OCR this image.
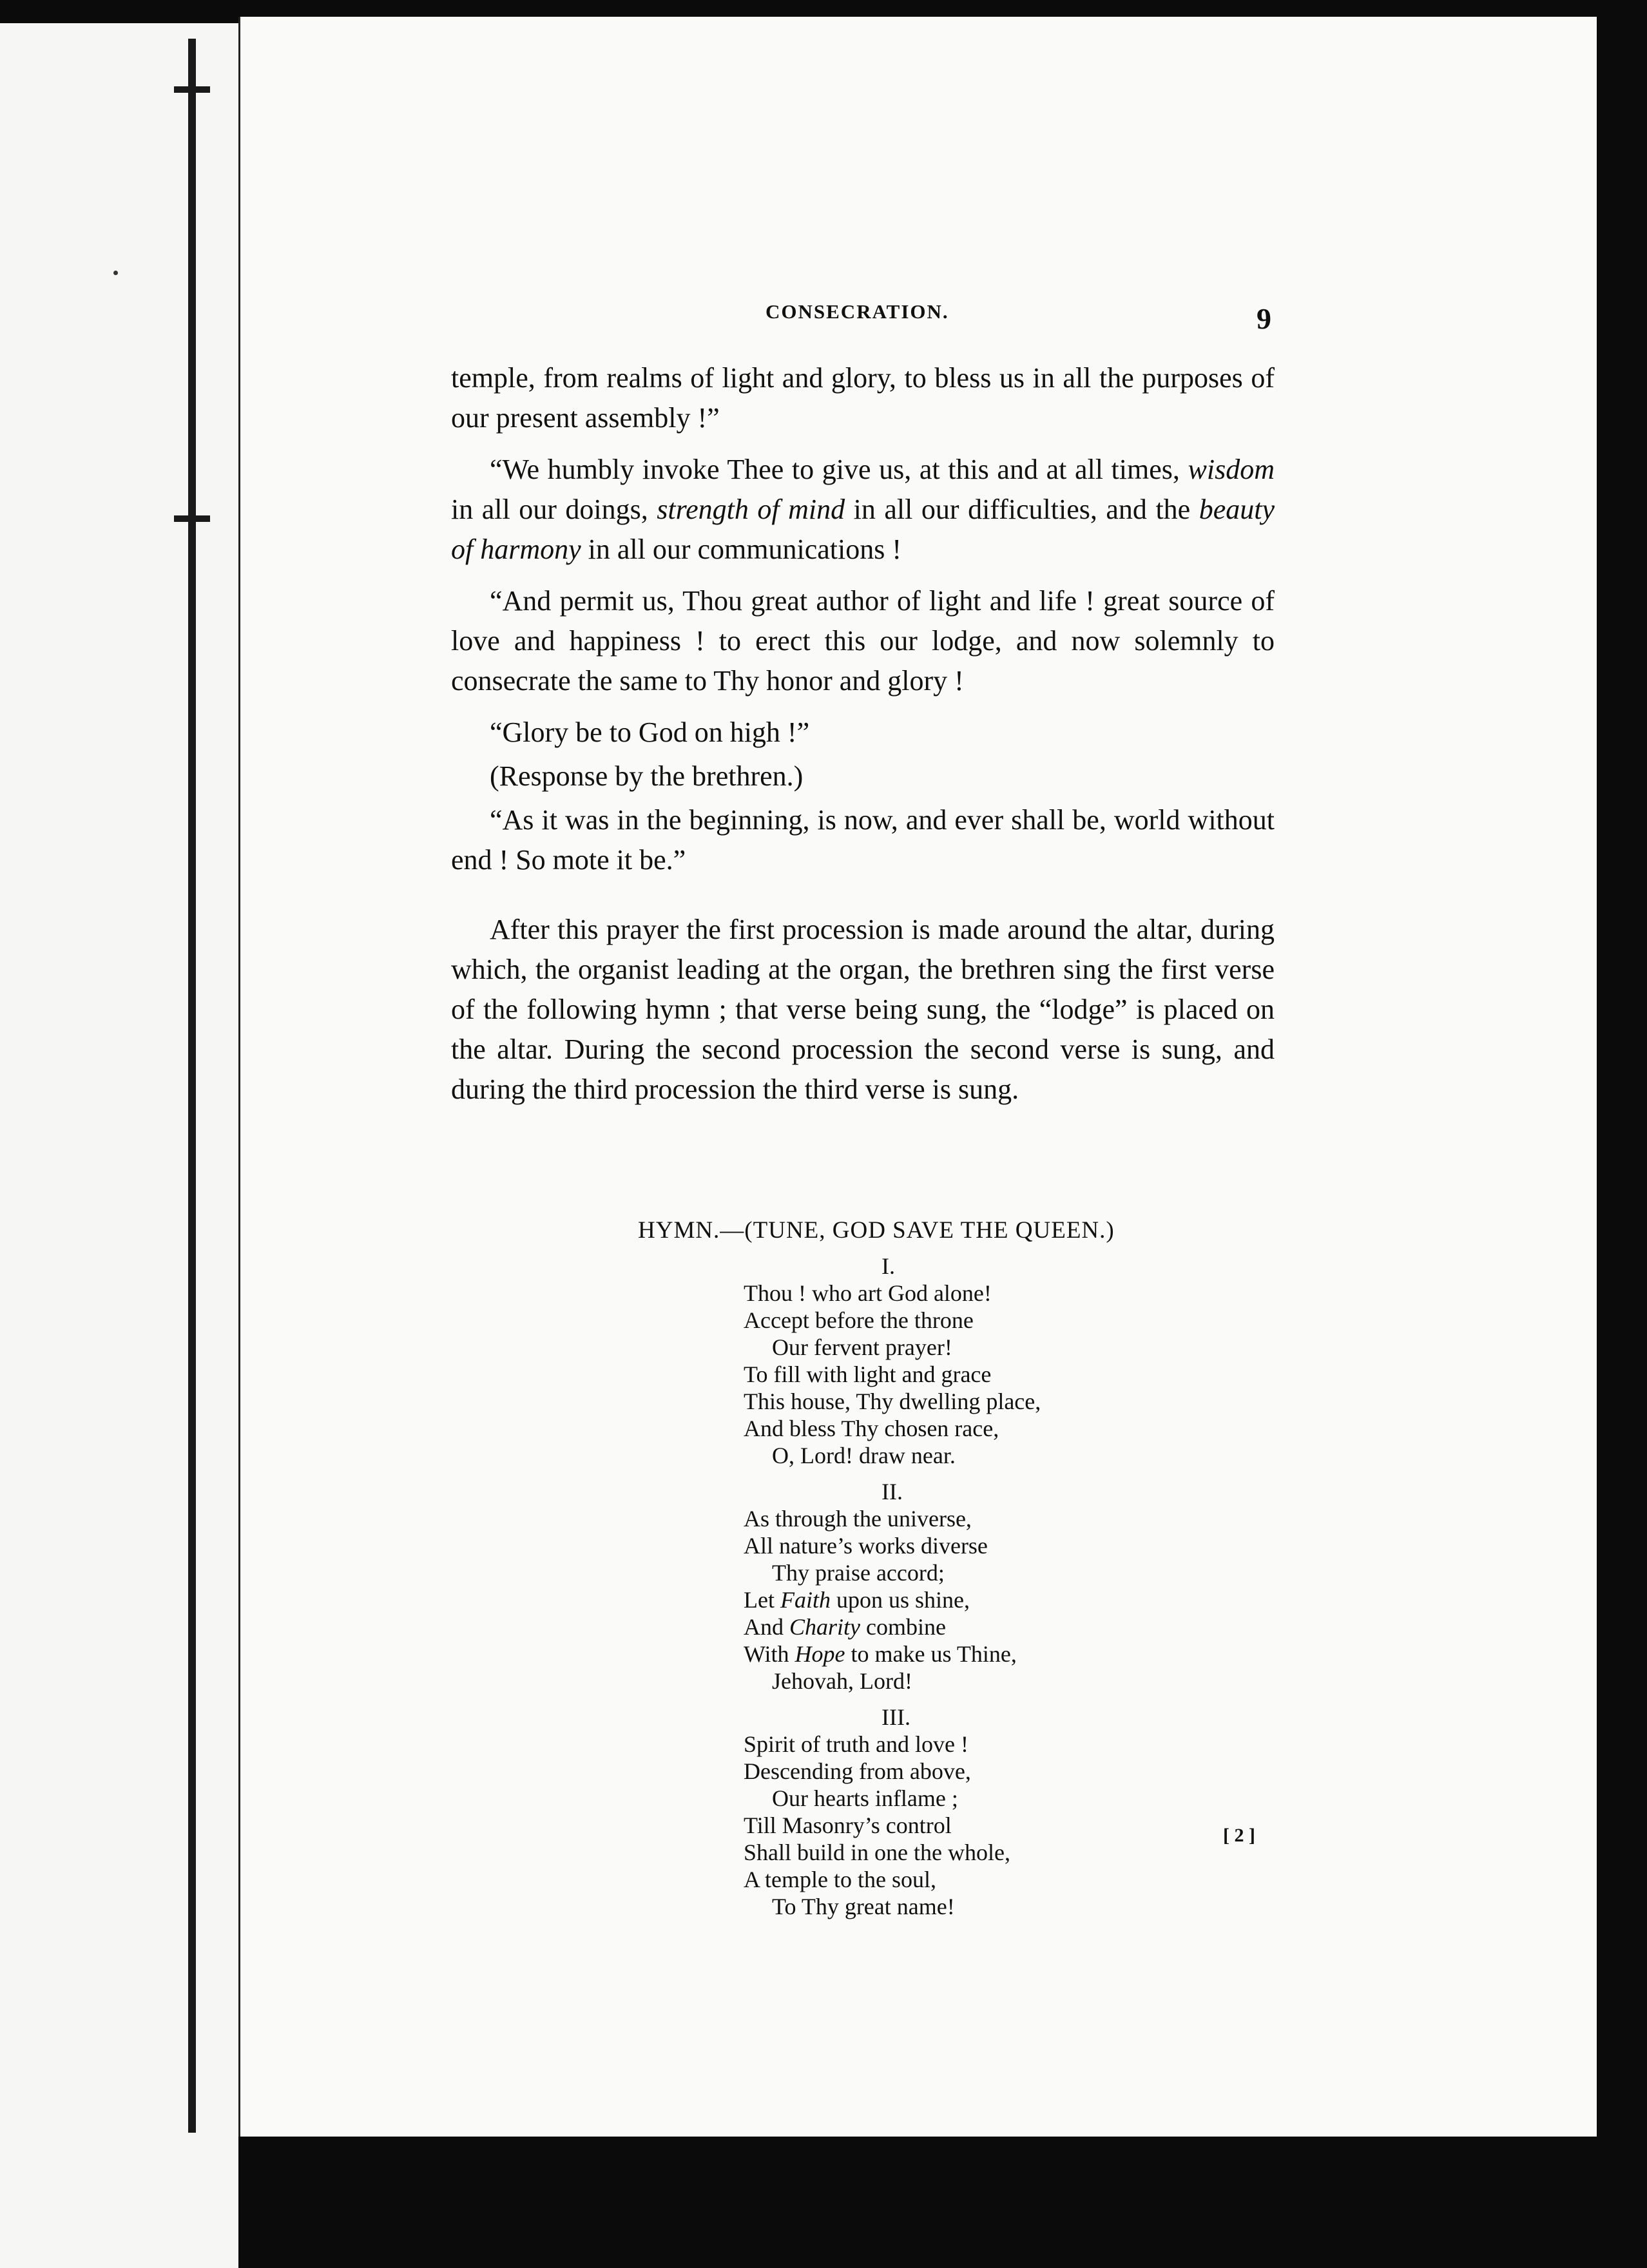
CONSECRATION.	9

temple, from realms of light and glory, to bless us in all the purposes of our present assembly !”

“We humbly invoke Thee to give us, at this and at all times, wisdom in all our doings, strength of mind in all our difficulties, and the beauty of harmony in all our communications !

“And permit us, Thou great author of light and life ! great source of love and happiness ! to erect this our lodge, and now solemnly to consecrate the same to Thy honor and glory !

“Glory be to God on high !”

(Response by the brethren.)

“As it was in the beginning, is now, and ever shall be, world without end ! So mote it be.”

After this prayer the first procession is made around the altar, during which, the organist leading at the organ, the brethren sing the first verse of the following hymn ; that verse being sung, the “lodge” is placed on the altar. During the second procession the second verse is sung, and during the third procession the third verse is sung.

HYMN.—(TUNE, GOD SAVE THE QUEEN.)
I.
Thou ! who art God alone!
Accept before the throne
Our fervent prayer!
To fill with light and grace
This house, Thy dwelling place,
And bless Thy chosen race,
O, Lord! draw near.
II.
As through the universe,
All nature’s works diverse
Thy praise accord;
Let Faith upon us shine,
And Charity combine
With Hope to make us Thine,
Jehovah, Lord!
III.
Spirit of truth and love !
Descending from above,
Our hearts inflame ;
Till Masonry’s control
Shall build in one the whole,
A temple to the soul,
To Thy great name!
[ 2 ]
